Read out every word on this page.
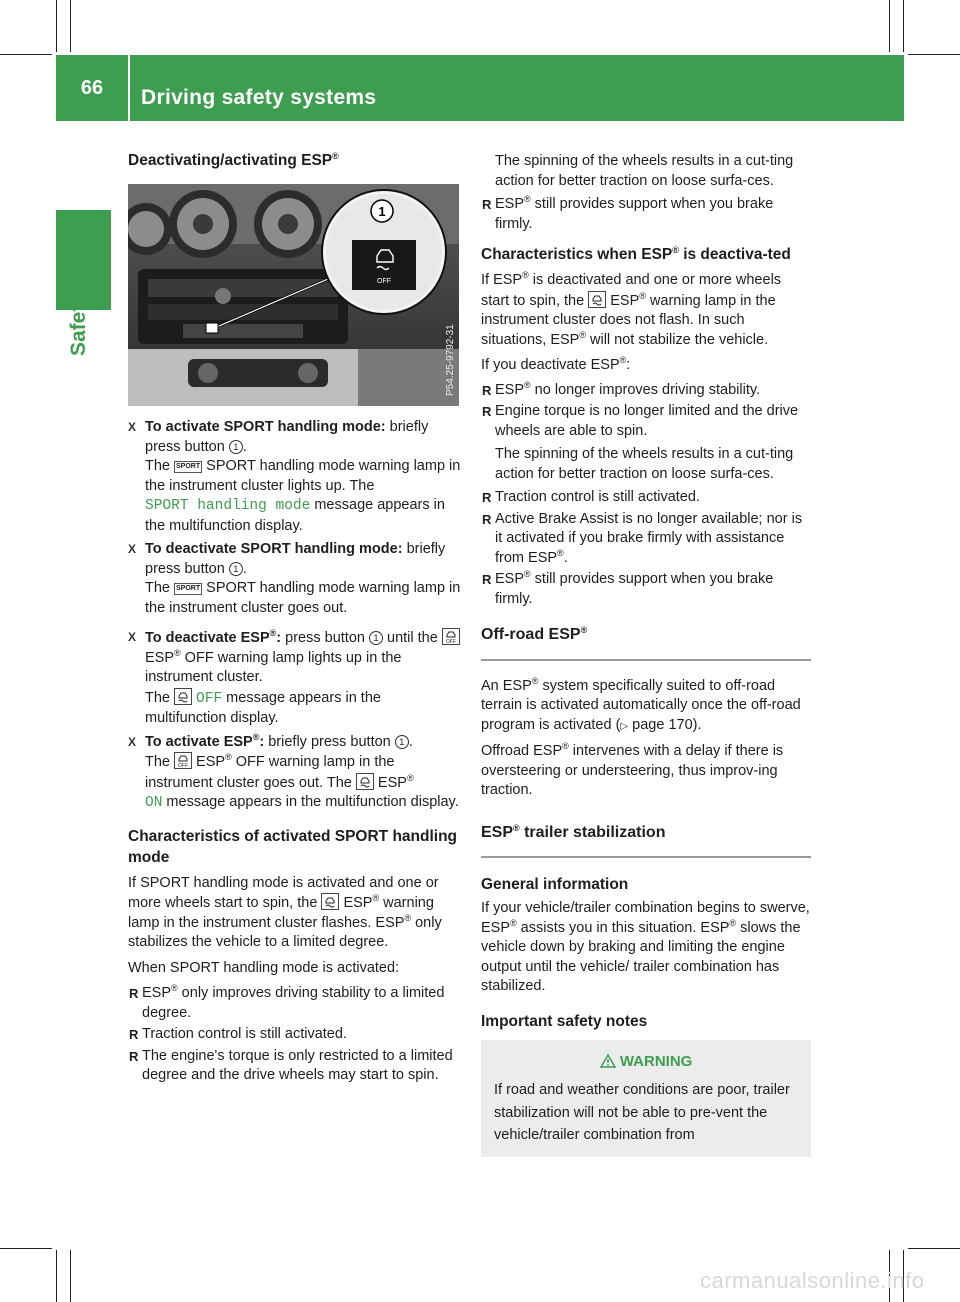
66	Driving safety systems
Safety
Deactivating/activating ESP®
OFF
1
P54.25-9792-31
X To activate SPORT handling mode: briefly press button 1 .
The SPORT SPORT handling mode warning lamp in the instrument cluster lights up. The
SPORT handling mode message appears in the multifunction display.
X To deactivate SPORT handling mode: briefly press button 1 .
The SPORT SPORT handling mode warning lamp in the instrument cluster goes out.
X To deactivate ESP®: press button 1 until the OFF
ESP® OFF warning lamp lights up in the instrument cluster.
The  OFF message appears in the multifunction display.
X To activate ESP®: briefly press button 1 .
The OFF ESP® OFF warning lamp in the instrument cluster goes out. The  ESP®
ON message appears in the multifunction display.
Characteristics of activated SPORT handling mode

If SPORT handling mode is activated and one or more wheels start to spin, the  ESP® warning lamp in the instrument cluster flashes. ESP® only stabilizes the vehicle to a limited degree.

When SPORT handling mode is activated:

R ESP® only improves driving stability to a limited degree.
R Traction control is still activated.
R The engine's torque is only restricted to a limited degree and the drive wheels may start to spin.

The spinning of the wheels results in a cut-ting action for better traction on loose surfa-ces.

R ESP® still provides support when you brake firmly.
Characteristics when ESP® is deactiva-ted

If ESP® is deactivated and one or more wheels start to spin, the  ESP® warning lamp in the instrument cluster does not flash. In such situations, ESP® will not stabilize the vehicle.

If you deactivate ESP®:

R ESP® no longer improves driving stability.
R Engine torque is no longer limited and the drive wheels are able to spin.

The spinning of the wheels results in a cut-ting action for better traction on loose surfa-ces.

R Traction control is still activated.
R Active Brake Assist is no longer available; nor is it activated if you brake firmly with assistance from ESP®.
R ESP® still provides support when you brake firmly.
Off-road ESP®

An ESP® system specifically suited to off-road terrain is activated automatically once the off-road program is activated (▷ page 170).

Offroad ESP® intervenes with a delay if there is oversteering or understeering, thus improv-ing traction.

ESP® trailer stabilization
General information

If your vehicle/trailer combination begins to swerve, ESP® assists you in this situation. ESP® slows the vehicle down by braking and limiting the engine output until the vehicle/ trailer combination has stabilized.

Important safety notes
WARNING

If road and weather conditions are poor, trailer stabilization will not be able to pre-vent the vehicle/trailer combination from

carmanualsonline.info
